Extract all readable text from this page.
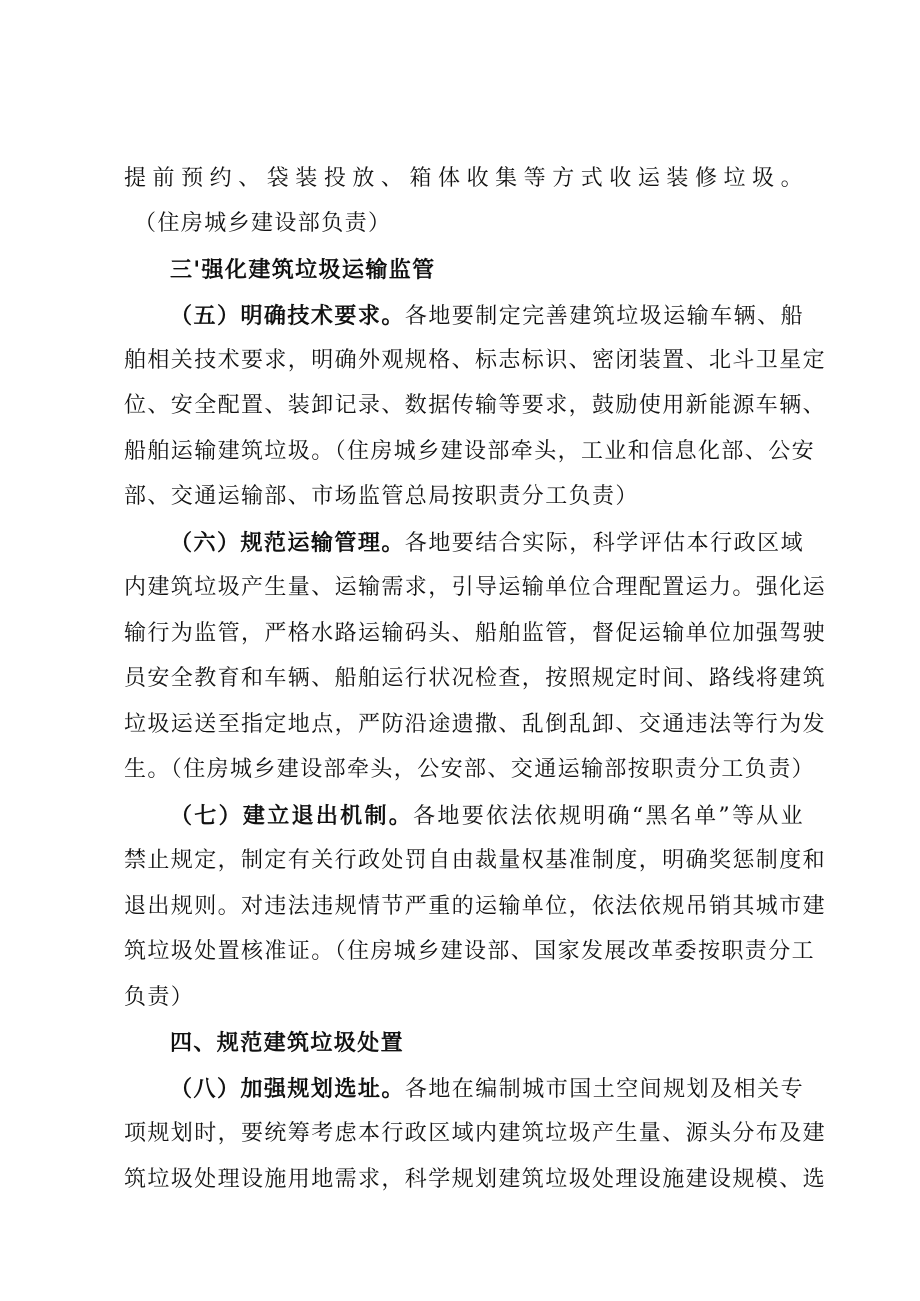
提前预约、袋装投放、箱体收集等方式收运装修垃圾。

（住房城乡建设部负责）

三'强化建筑垃圾运输监管

（五）明确技术要求。各地要制定完善建筑垃圾运输车辆、船

舶相关技术要求，明确外观规格、标志标识、密闭装置、北斗卫星定

位、安全配置、装卸记录、数据传输等要求，鼓励使用新能源车辆、

船舶运输建筑垃圾。（住房城乡建设部牵头，工业和信息化部、公安

部、交通运输部、市场监管总局按职责分工负责）

（六）规范运输管理。各地要结合实际，科学评估本行政区域

内建筑垃圾产生量、运输需求，引导运输单位合理配置运力。强化运

输行为监管，严格水路运输码头、船舶监管，督促运输单位加强驾驶

员安全教育和车辆、船舶运行状况检查，按照规定时间、路线将建筑

垃圾运送至指定地点，严防沿途遗撒、乱倒乱卸、交通违法等行为发

生。（住房城乡建设部牵头，公安部、交通运输部按职责分工负责）

（七）建立退出机制。各地要依法依规明确“黑名单”等从业

禁止规定，制定有关行政处罚自由裁量权基准制度，明确奖惩制度和

退出规则。对违法违规情节严重的运输单位，依法依规吊销其城市建

筑垃圾处置核准证。（住房城乡建设部、国家发展改革委按职责分工

负责）

四、规范建筑垃圾处置

（八）加强规划选址。各地在编制城市国土空间规划及相关专

项规划时，要统筹考虑本行政区域内建筑垃圾产生量、源头分布及建

筑垃圾处理设施用地需求，科学规划建筑垃圾处理设施建设规模、选
